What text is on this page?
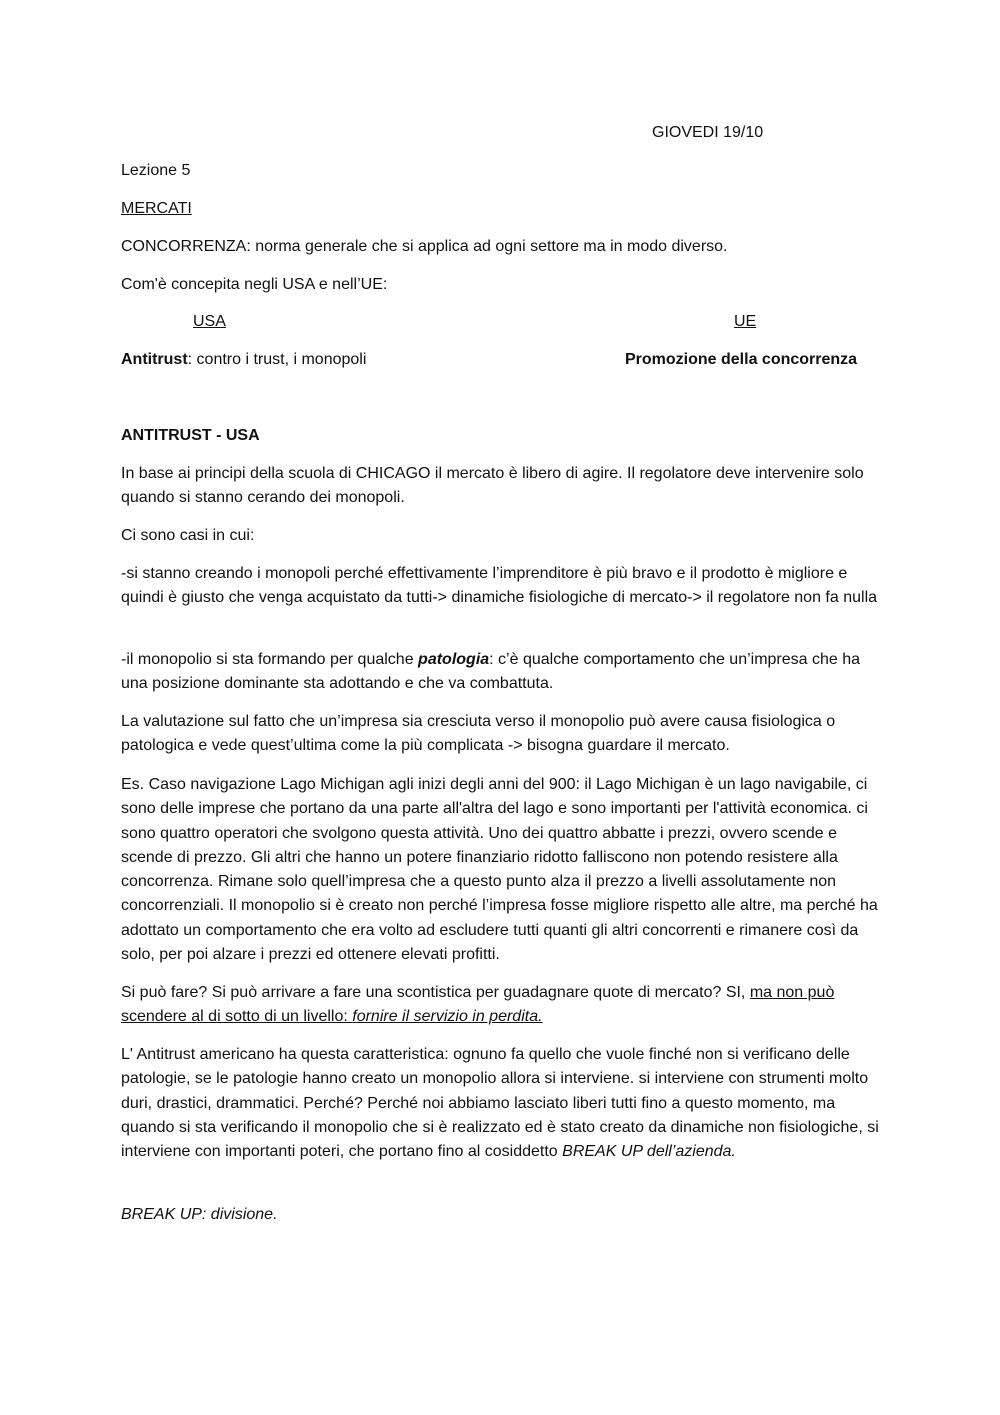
GIOVEDI 19/10

Lezione 5

MERCATI

CONCORRENZA: norma generale che si applica ad ogni settore ma in modo diverso.

Com'è concepita negli USA e nell’UE:

USA	UE
Antitrust: contro i trust, i monopoli	Promozione della concorrenza

ANTITRUST - USA

In base ai principi della scuola di CHICAGO il mercato è libero di agire. Il regolatore deve intervenire solo quando si stanno cerando dei monopoli.

Ci sono casi in cui:

-si stanno creando i monopoli perché effettivamente l’imprenditore è più bravo e il prodotto è migliore e quindi è giusto che venga acquistato da tutti-> dinamiche fisiologiche di mercato-> il regolatore non fa nulla

-il monopolio si sta formando per qualche patologia: c’è qualche comportamento che un’impresa che ha una posizione dominante sta adottando e che va combattuta.

La valutazione sul fatto che un’impresa sia cresciuta verso il monopolio può avere causa fisiologica o patologica e vede quest’ultima come la più complicata -> bisogna guardare il mercato.

Es. Caso navigazione Lago Michigan agli inizi degli anni del 900: il Lago Michigan è un lago navigabile, ci sono delle imprese che portano da una parte all'altra del lago e sono importanti per l'attività economica. ci sono quattro operatori che svolgono questa attività. Uno dei quattro abbatte i prezzi, ovvero scende e scende di prezzo. Gli altri che hanno un potere finanziario ridotto falliscono non potendo resistere alla concorrenza. Rimane solo quell’impresa che a questo punto alza il prezzo a livelli assolutamente non concorrenziali. Il monopolio si è creato non perché l’impresa fosse migliore rispetto alle altre, ma perché ha adottato un comportamento che era volto ad escludere tutti quanti gli altri concorrenti e rimanere così da solo, per poi alzare i prezzi ed ottenere elevati profitti.

Si può fare? Si può arrivare a fare una scontistica per guadagnare quote di mercato? SI, ma non può scendere al di sotto di un livello: fornire il servizio in perdita.

L' Antitrust americano ha questa caratteristica: ognuno fa quello che vuole finché non si verificano delle patologie, se le patologie hanno creato un monopolio allora si interviene. si interviene con strumenti molto duri, drastici, drammatici. Perché? Perché noi abbiamo lasciato liberi tutti fino a questo momento, ma quando si sta verificando il monopolio che si è realizzato ed è stato creato da dinamiche non fisiologiche, si interviene con importanti poteri, che portano fino al cosiddetto BREAK UP dell’azienda.

BREAK UP: divisione.
